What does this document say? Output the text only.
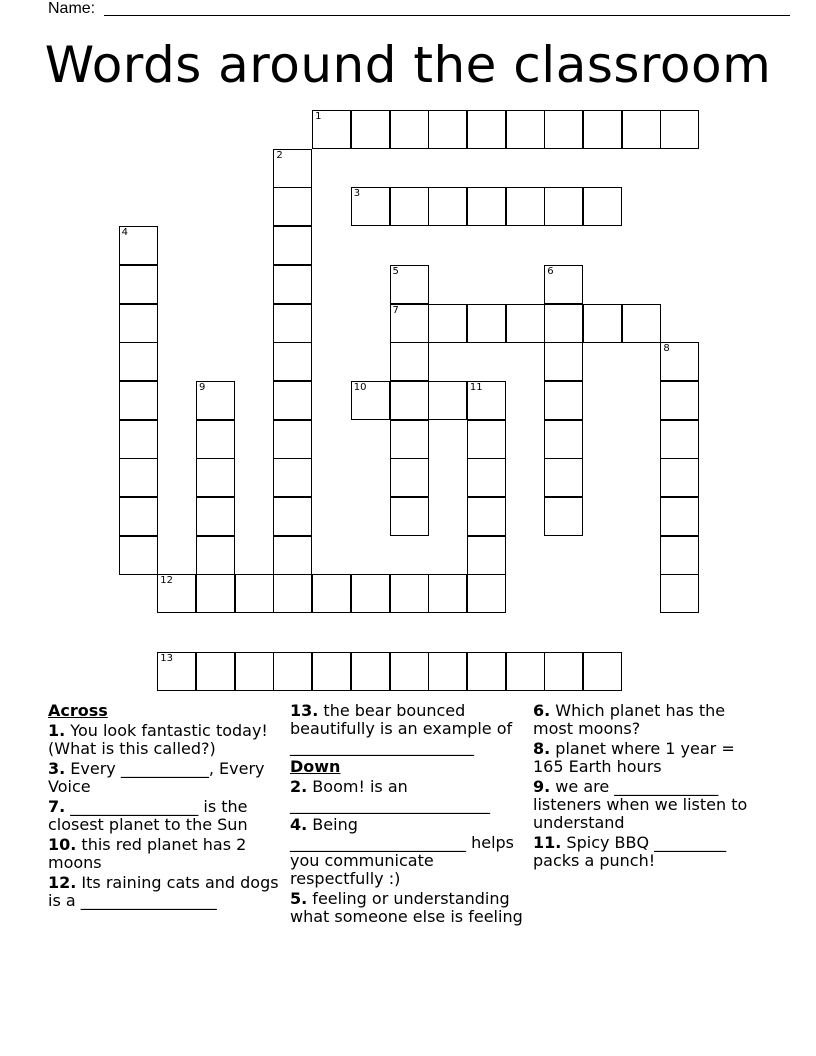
Name:
Words around the classroom
1
2
3
4
5
7
6
8
9	10	11
12
13
Across
1. You look fantastic today! (What is this called?)
3. Every ___________, Every Voice
7. ________________ is the closest planet to the Sun
10. this red planet has 2 moons
12. Its raining cats and dogs is a _________________
13. the bear bounced beautifully is an example of _______________________
Down
2. Boom! is an _________________________
4. Being ______________________ helps you communicate respectfully :)
5. feeling or understanding what someone else is feeling
6. Which planet has the most moons?
8. planet where 1 year = 165 Earth hours
9. we are _____________ listeners when we listen to understand
11. Spicy BBQ _________ packs a punch!
